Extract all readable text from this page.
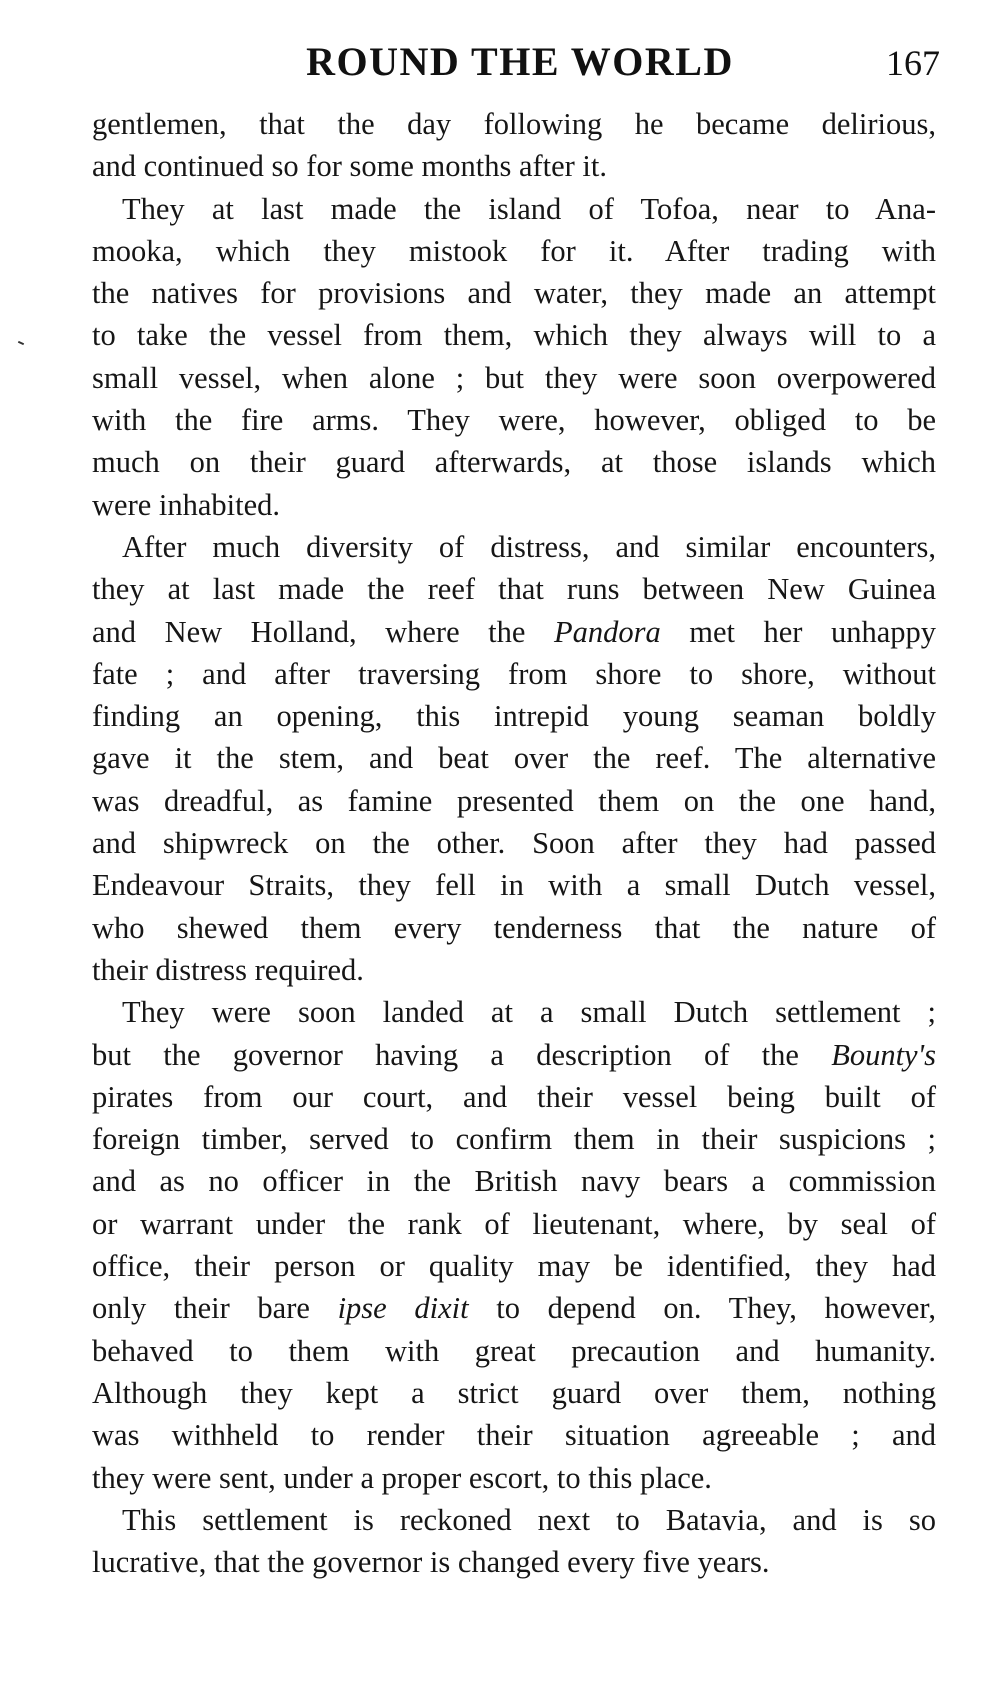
ROUND THE WORLD	167

gentlemen, that the day following he became delirious,
and continued so for some months after it.

They at last made the island of Tofoa, near to Ana-
mooka, which they mistook for it. After trading with
the natives for provisions and water, they made an attempt
to take the vessel from them, which they always will to a
small vessel, when alone ; but they were soon overpowered
with the fire arms. They were, however, obliged to be
much on their guard afterwards, at those islands which
were inhabited.

After much diversity of distress, and similar encounters,
they at last made the reef that runs between New Guinea
and New Holland, where the Pandora met her unhappy
fate ; and after traversing from shore to shore, without
finding an opening, this intrepid young seaman boldly
gave it the stem, and beat over the reef. The alternative
was dreadful, as famine presented them on the one hand,
and shipwreck on the other. Soon after they had passed
Endeavour Straits, they fell in with a small Dutch vessel,
who shewed them every tenderness that the nature of
their distress required.

They were soon landed at a small Dutch settlement ;
but the governor having a description of the Bounty's
pirates from our court, and their vessel being built of
foreign timber, served to confirm them in their suspicions ;
and as no officer in the British navy bears a commission
or warrant under the rank of lieutenant, where, by seal of
office, their person or quality may be identified, they had
only their bare ipse dixit to depend on. They, however,
behaved to them with great precaution and humanity.
Although they kept a strict guard over them, nothing
was withheld to render their situation agreeable ; and
they were sent, under a proper escort, to this place.

This settlement is reckoned next to Batavia, and is so
lucrative, that the governor is changed every five years.
